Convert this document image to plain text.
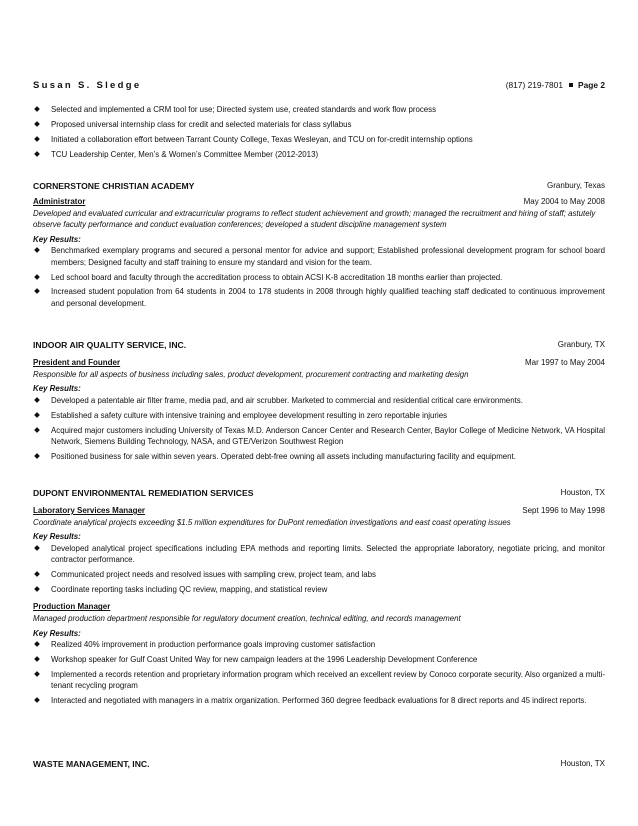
Susan S. Sledge	(817) 219-7801 Page 2
Selected and implemented a CRM tool for use; Directed system use, created standards and work flow process
Proposed universal internship class for credit and selected materials for class syllabus
Initiated a collaboration effort between Tarrant County College, Texas Wesleyan, and TCU on for-credit internship options
TCU Leadership Center, Men’s & Women’s Committee Member (2012-2013)
CORNERSTONE CHRISTIAN ACADEMY	Granbury, Texas
Administrator	May 2004 to May 2008
Developed and evaluated curricular and extracurricular programs to reflect student achievement and growth; managed the recruitment and hiring of staff; astutely observe faculty performance and conduct evaluation conferences; developed a student discipline management system
Key Results:
Benchmarked exemplary programs and secured a personal mentor for advice and support; Established professional development program for school board members; Designed faculty and staff training to ensure my standard and vision for the team.
Led school board and faculty through the accreditation process to obtain ACSI K-8 accreditation 18 months earlier than projected.
Increased student population from 64 students in 2004 to 178 students in 2008 through highly qualified teaching staff dedicated to continuous improvement and personal development.
INDOOR AIR QUALITY SERVICE, INC.	Granbury, TX
President and Founder	Mar 1997 to May 2004
Responsible for all aspects of business including sales, product development, procurement contracting and marketing design
Key Results:
Developed a patentable air filter frame, media pad, and air scrubber. Marketed to commercial and residential critical care environments.
Established a safety culture with intensive training and employee development resulting in zero reportable injuries
Acquired major customers including University of Texas M.D. Anderson Cancer Center and Research Center, Baylor College of Medicine Network, VA Hospital Network, Siemens Building Technology, NASA, and GTE/Verizon Southwest Region
Positioned business for sale within seven years. Operated debt-free owning all assets including manufacturing facility and equipment.
DUPONT ENVIRONMENTAL REMEDIATION SERVICES	Houston, TX
Laboratory Services Manager	Sept 1996 to May 1998
Coordinate analytical projects exceeding $1.5 million expenditures for DuPont remediation investigations and east coast operating issues
Key Results:
Developed analytical project specifications including EPA methods and reporting limits. Selected the appropriate laboratory, negotiate pricing, and monitor contractor performance.
Communicated project needs and resolved issues with sampling crew, project team, and labs
Coordinate reporting tasks including QC review, mapping, and statistical review
Production Manager
Managed production department responsible for regulatory document creation, technical editing, and records management
Key Results:
Realized 40% improvement in production performance goals improving customer satisfaction
Workshop speaker for Gulf Coast United Way for new campaign leaders at the 1996 Leadership Development Conference
Implemented a records retention and proprietary information program which received an excellent review by Conoco corporate security. Also organized a multi-tenant recycling program
Interacted and negotiated with managers in a matrix organization. Performed 360 degree feedback evaluations for 8 direct reports and 45 indirect reports.
WASTE MANAGEMENT, INC.	Houston, TX
